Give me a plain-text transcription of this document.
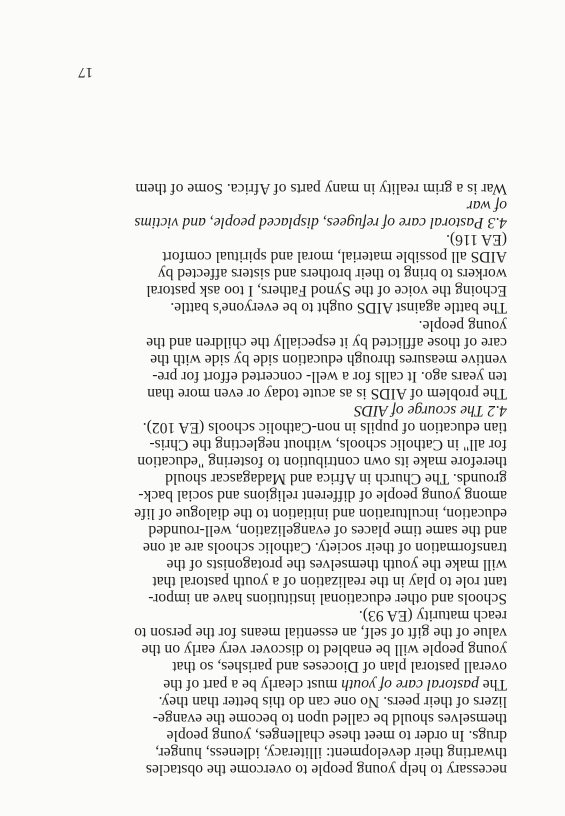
necessary to help young people to overcome the obstacles
thwarting their development: illiteracy, idleness, hunger,
drugs. In order to meet these challenges, young people
themselves should be called upon to become the evange-
lizers of their peers. No one can do this better than they.
The pastoral care of youth must clearly be a part of the
overall pastoral plan of Dioceses and parishes, so that
young people will be enabled to discover very early on the
value of the gift of self, an essential means for the person to
reach maturity (EA 93).
Schools and other educational institutions have an impor-
tant role to play in the realization of a youth pastoral that
will make the youth themselves the protagonists of the
transformation of their society. Catholic schools are at one
and the same time places of evangelization, well-rounded
education, inculturation and initiation to the dialogue of life
among young people of different religions and social back-
grounds. The Church in Africa and Madagascar should
therefore make its own contribution to fostering "education
for all" in Catholic schools, without neglecting the Chris-
tian education of pupils in non-Catholic schools (EA 102).
4.2 The scourge of AIDS
The problem of AIDS is as acute today or even more than
ten years ago. It calls for a well- concerted effort for pre-
ventive measures through education side by side with the
care of those afflicted by it especially the children and the
young people.
The battle against AIDS ought to be everyone's battle.
Echoing the voice of the Synod Fathers, I too ask pastoral
workers to bring to their brothers and sisters affected by
AIDS all possible material, moral and spiritual comfort
(EA 116).
4.3 Pastoral care of refugees, displaced people, and victims
of war
War is a grim reality in many parts of Africa. Some of them
17
